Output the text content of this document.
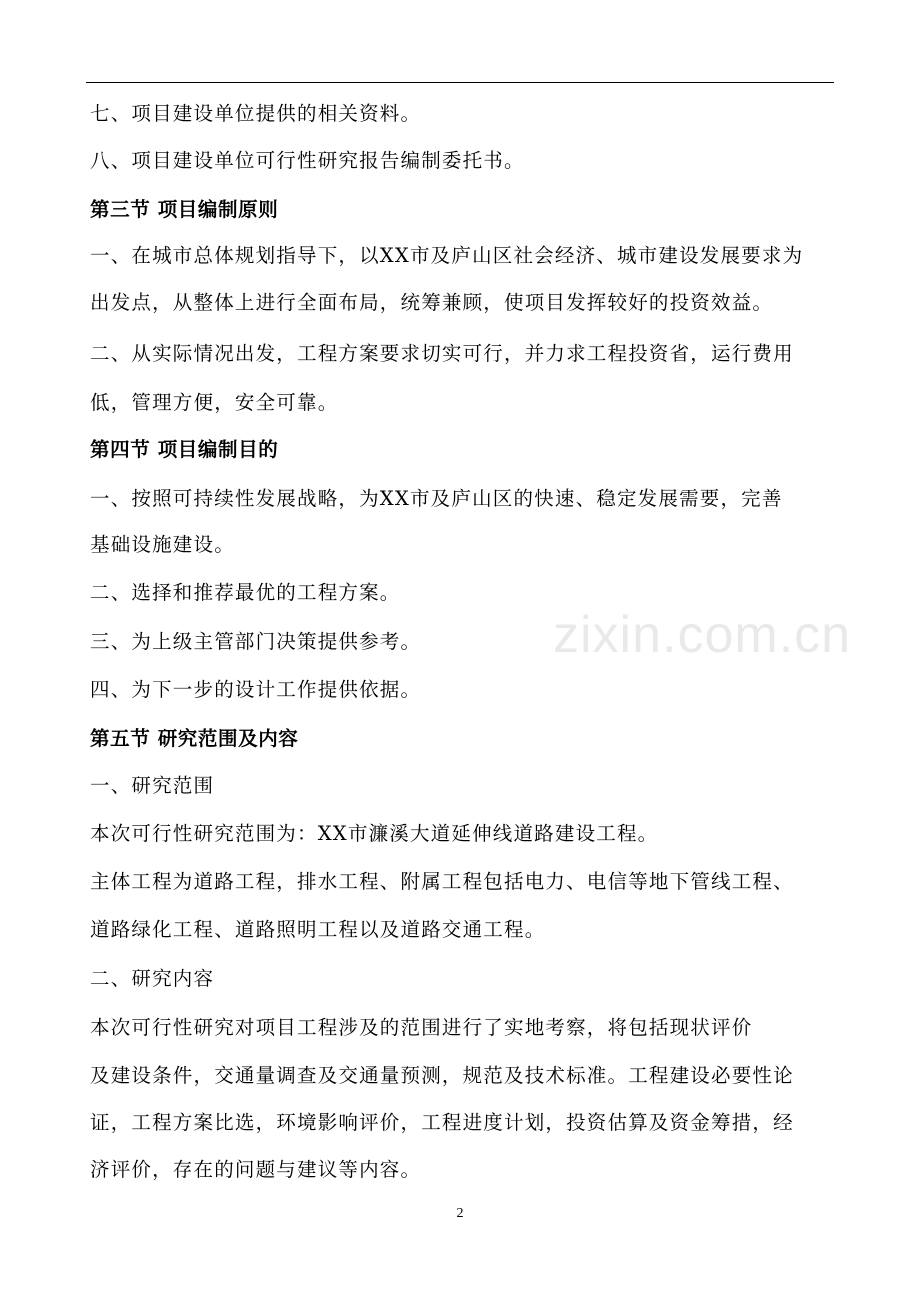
七、项目建设单位提供的相关资料。
八、项目建设单位可行性研究报告编制委托书。
第三节 项目编制原则
一、在城市总体规划指导下，以XX市及庐山区社会经济、城市建设发展要求为
出发点，从整体上进行全面布局，统筹兼顾，使项目发挥较好的投资效益。
二、从实际情况出发，工程方案要求切实可行，并力求工程投资省，运行费用
低，管理方便，安全可靠。
第四节 项目编制目的
一、按照可持续性发展战略，为XX市及庐山区的快速、稳定发展需要，完善
基础设施建设。
二、选择和推荐最优的工程方案。
三、为上级主管部门决策提供参考。
四、为下一步的设计工作提供依据。
第五节 研究范围及内容
一、研究范围
本次可行性研究范围为：XX市濂溪大道延伸线道路建设工程。
主体工程为道路工程，排水工程、附属工程包括电力、电信等地下管线工程、
道路绿化工程、道路照明工程以及道路交通工程。
二、研究内容
本次可行性研究对项目工程涉及的范围进行了实地考察，将包括现状评价
及建设条件，交通量调查及交通量预测，规范及技术标准。工程建设必要性论
证，工程方案比选，环境影响评价，工程进度计划，投资估算及资金筹措，经
济评价，存在的问题与建议等内容。
zixin.com.cn
2
